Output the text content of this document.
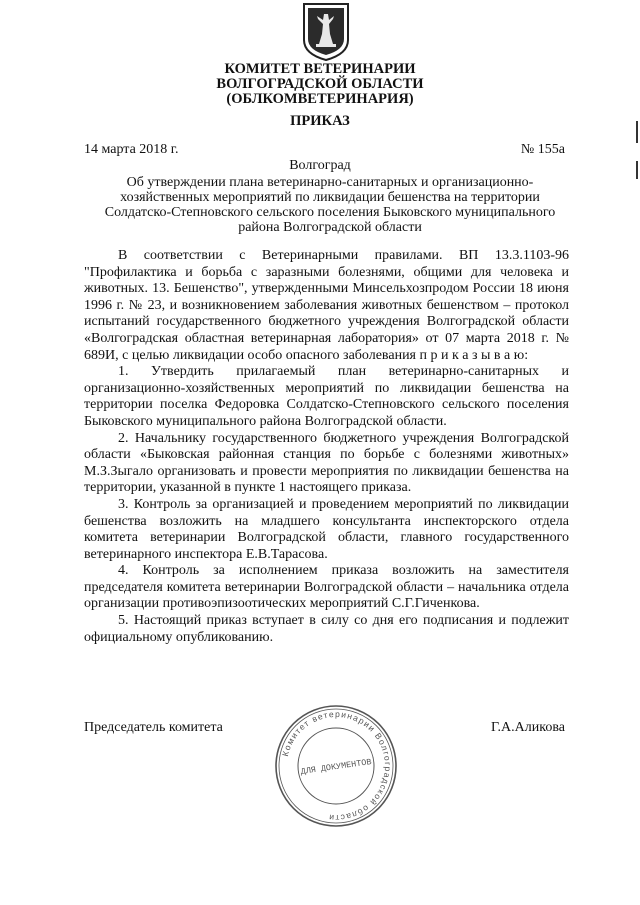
КОМИТЕТ ВЕТЕРИНАРИИ
ВОЛГОГРАДСКОЙ ОБЛАСТИ
(ОБЛКОМВЕТЕРИНАРИЯ)
ПРИКАЗ
14 марта 2018 г.	№ 155а
Волгоград
Об утверждении плана ветеринарно-санитарных и организационно-хозяйственных мероприятий по ликвидации бешенства на территории Солдатско-Степновского сельского поселения Быковского муниципального района Волгоградской области

В соответствии с Ветеринарными правилами. ВП 13.3.1103-96 "Профилактика и борьба с заразными болезнями, общими для человека и животных. 13. Бешенство", утвержденными Минсельхозпродом России 18 июня 1996 г. № 23, и возникновением заболевания животных бешенством – протокол испытаний государственного бюджетного учреждения Волгоградской области «Волгоградская областная ветеринарная лаборатория» от 07 марта 2018 г. № 689И, с целью ликвидации особо опасного заболевания п р и к а з ы в а ю:

1. Утвердить прилагаемый план ветеринарно-санитарных и организационно-хозяйственных мероприятий по ликвидации бешенства на территории поселка Федоровка Солдатско-Степновского сельского поселения Быковского муниципального района Волгоградской области.

2. Начальнику государственного бюджетного учреждения Волгоградской области «Быковская районная станция по борьбе с болезнями животных» М.З.Зыгало организовать и провести мероприятия по ликвидации бешенства на территории, указанной в пункте 1 настоящего приказа.

3. Контроль за организацией и проведением мероприятий по ликвидации бешенства возложить на младшего консультанта инспекторского отдела комитета ветеринарии Волгоградской области, главного государственного ветеринарного инспектора Е.В.Тарасова.

4. Контроль за исполнением приказа возложить на заместителя председателя комитета ветеринарии Волгоградской области – начальника отдела организации противоэпизоотических мероприятий С.Г.Гиченкова.

5. Настоящий приказ вступает в силу со дня его подписания и подлежит официальному опубликованию.

Председатель комитета	Г.А.Аликова
Комитет ветеринарии Волгоградской области
ДЛЯ ДОКУМЕНТОВ
